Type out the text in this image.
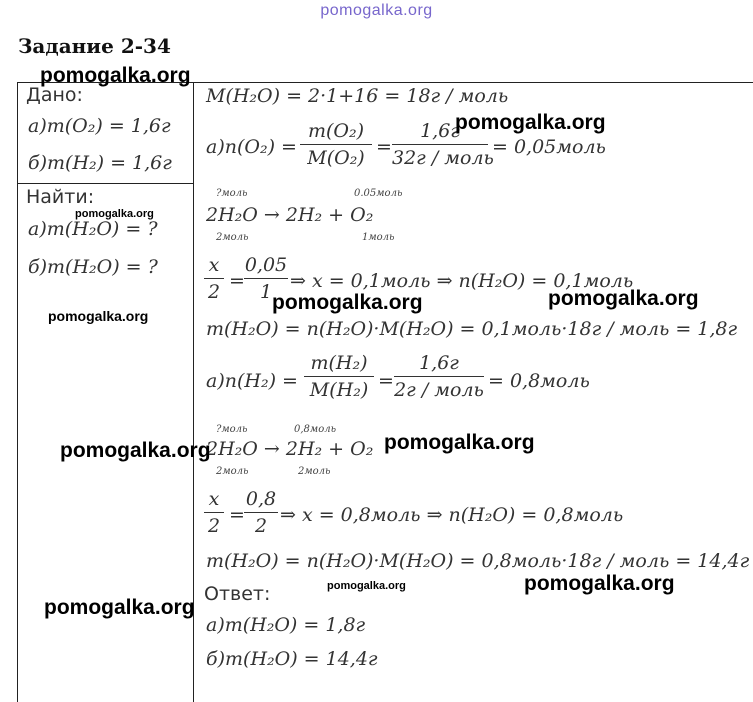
pomogalka.org
Задание 2-34
Дано:
а)m(O₂) = 1,6г
б)m(H₂) = 1,6г
Найти:
а)m(H₂O) = ?
б)m(H₂O) = ?
M(H₂O) = 2·1+16 = 18г / моль
а)n(O₂) =
m(O₂)
M(O₂) =
1,6г
32г / моль
= 0,05моль
?моль	0.05моль
2H₂O → 2H₂ + O₂
2моль	1моль
x
2 =
0,05
1 ⇒ x = 0,1моль ⇒ n(H₂O) = 0,1моль
m(H₂O) = n(H₂O)·M(H₂O) = 0,1моль·18г / моль = 1,8г
а)n(H₂) =
m(H₂)
M(H₂) =
1,6г
2г / моль = 0,8моль
?моль	0,8моль
2H₂O → 2H₂ + O₂
2моль	2моль
x
2 =
0,8
2 ⇒ x = 0,8моль ⇒ n(H₂O) = 0,8моль
m(H₂O) = n(H₂O)·M(H₂O) = 0,8моль·18г / моль = 14,4г
Ответ:
а)m(H₂O) = 1,8г
б)m(H₂O) = 14,4г
pomogalka.org
pomogalka.org
pomogalka.org
pomogalka.org
pomogalka.org	pomogalka.org
pomogalka.org	pomogalka.org
pomogalka.org	pomogalka.org
pomogalka.org
